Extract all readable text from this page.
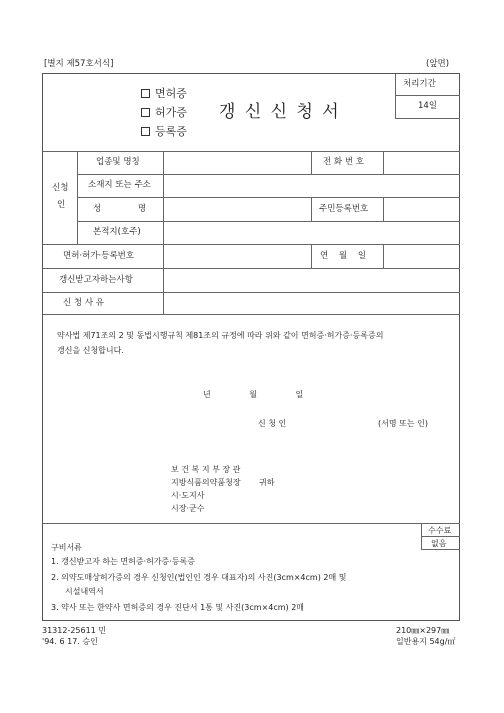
[별지 제57호서식]	(앞면)
면허증
허가증
등록증
갱 신 신 청 서
처리기간
14일
신청
인
업종및 명칭	전 화 번 호
소재지 또는 주소
성 명	주민등록번호
본적지(호주)
면허·허가·등록번호	연 월 일
갱신받고자하는사항
신 청 사 유
약사법 제71조의 2 및 동법시행규칙 제81조의 규정에 따라 위와 같이 면허증·허가증·등록증의
갱신을 신청합니다.
년 월 일
신 청 인	(서명 또는 인)
보 건 복 지 부 장 관
지방식품의약품청장 귀하
시·도지사
시장·군수
구비서류
1. 갱신받고자 하는 면허증·허가증·등록증
2. 의약도매상허가증의 경우 신청인(법인인 경우 대표자)의 사진(3cm×4cm) 2매 및
시설내역서
3. 약사 또는 한약사 면허증의 경우 진단서 1통 및 사진(3cm×4cm) 2매
수수료
없음
31312-25611 민
'94. 6 17. 승인
210㎜×297㎜
일반용지 54g/㎡
